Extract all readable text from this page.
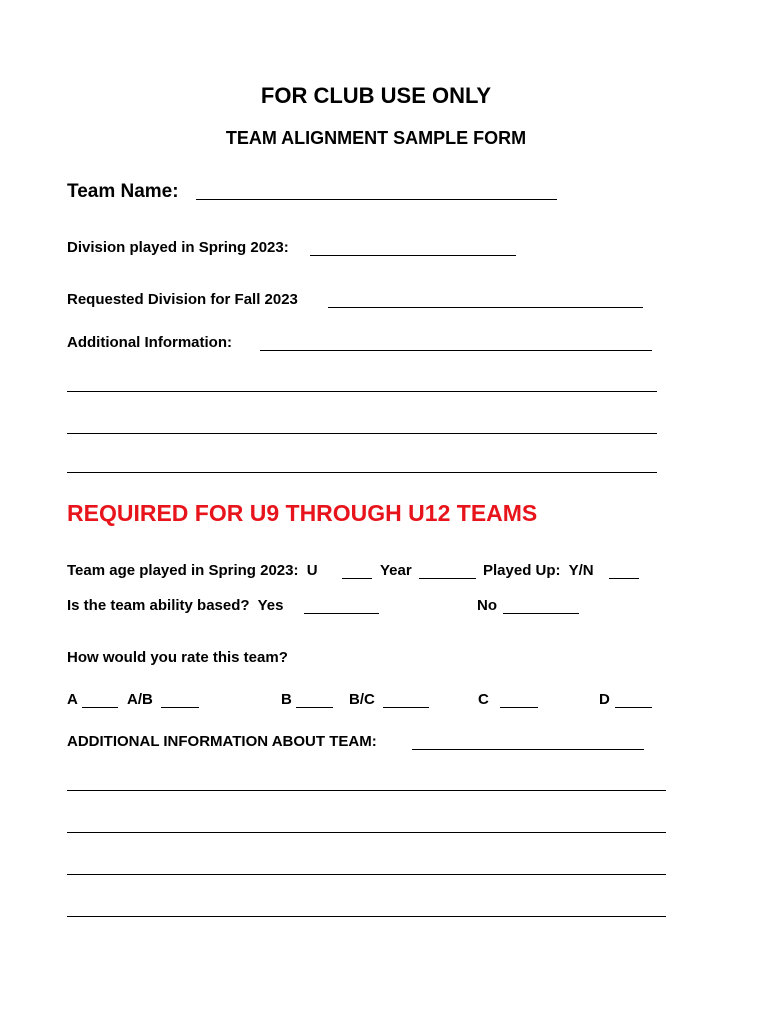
FOR CLUB USE ONLY
TEAM ALIGNMENT SAMPLE FORM
Team Name:
Division played in Spring 2023:
Requested Division for Fall 2023
Additional Information:
REQUIRED FOR U9 THROUGH U12 TEAMS
Team age played in Spring 2023:  U	Year	Played Up:  Y/N
Is the team ability based?  Yes	No
How would you rate this team?
A	A/B	B	B/C	C	D
ADDITIONAL INFORMATION ABOUT TEAM:
